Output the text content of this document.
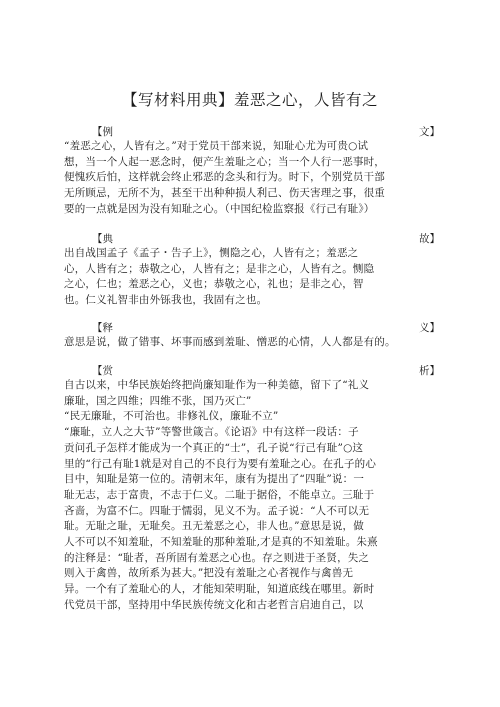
【写材料用典】羞恶之心，人皆有之
【例	文】

“羞恶之心，人皆有之。”对于党员干部来说，知耻心尤为可贵○试

想，当一个人起一恶念时，便产生羞耻之心；当一个人行一恶事时，

便愧疚后怕，这样就会终止邪恶的念头和行为。时下，个别党员干部

无所顾忌，无所不为，甚至干出种种损人利己、伤天害理之事，很重

要的一点就是因为没有知耻之心。（中国纪检监察报《行己有耻》）

【典	故】

出自战国孟子《孟子・告子上》，恻隐之心，人皆有之；羞恶之

心，人皆有之；恭敬之心，人皆有之；是非之心，人皆有之。恻隐

之心，仁也；羞恶之心，义也；恭敬之心，礼也；是非之心，智

也。仁义礼智非由外铄我也，我固有之也。

【释	义】

意思是说，做了错事、坏事而感到羞耻、憎恶的心情，人人都是有的。

【赏	析】

自古以来，中华民族始终把尚廉知耻作为一种美德，留下了“礼义

廉耻，国之四维；四维不张，国乃灭亡”

“民无廉耻，不可治也。非修礼仪，廉耻不立”

“廉耻，立人之大节”等警世箴言。《论语》中有这样一段话：子

贡问孔子怎样才能成为一个真正的“士”，孔子说“行己有耻”○这

里的“行己有耻1就是对自己的不良行为要有羞耻之心。在孔子的心

目中，知耻是第一位的。清朝末年，康有为提出了“四耻”说：一

耻无志，志于富贵，不志于仁义。二耻于据俗，不能卓立。三耻于

吝啬，为富不仁。四耻于懦弱，见义不为。孟子说：“人不可以无

耻。无耻之耻，无耻矣。丑无羞恶之心，非人也。”意思是说，做

人不可以不知羞耻，不知羞耻的那种羞耻,才是真的不知羞耻。朱熹

的注释是：“耻者，吾所固有羞恶之心也。存之则进于圣贤，失之

则入于禽兽，故所系为甚大。”把没有羞耻之心者视作与禽兽无

异。一个有了羞耻心的人，才能知荣明耻，知道底线在哪里。新时

代党员干部，坚持用中华民族传统文化和古老哲言启迪自己，以
